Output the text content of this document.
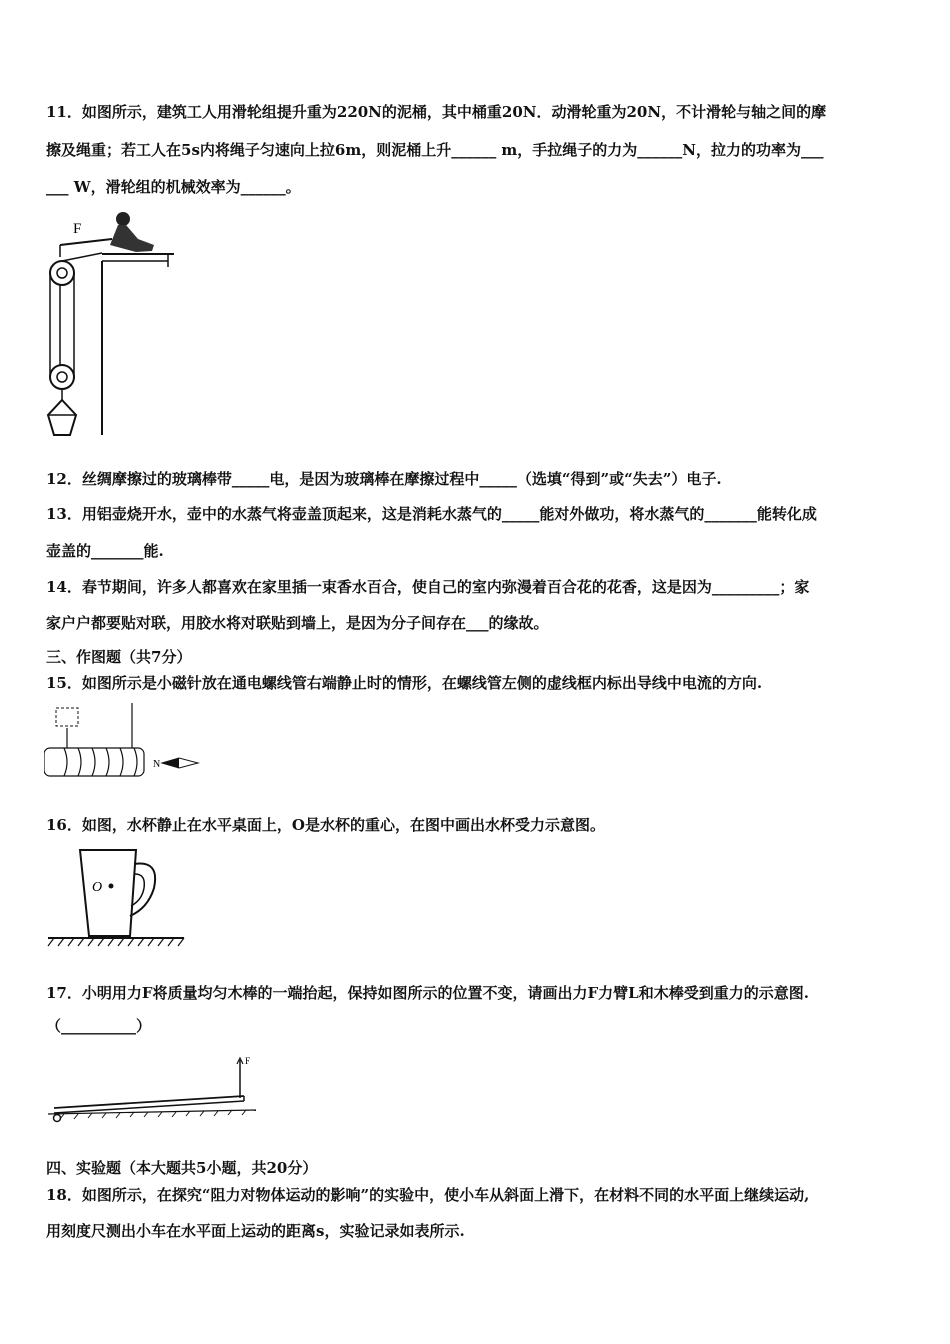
11．如图所示，建筑工人用滑轮组提升重为220N的泥桶，其中桶重20N．动滑轮重为20N，不计滑轮与轴之间的摩
擦及绳重；若工人在5s内将绳子匀速向上拉6m，则泥桶上升______ m，手拉绳子的力为______N，拉力的功率为___
___ W，滑轮组的机械效率为______。
F
12．丝绸摩擦过的玻璃棒带_____电，是因为玻璃棒在摩擦过程中_____（选填“得到”或“失去”）电子.
13．用铝壶烧开水，壶中的水蒸气将壶盖顶起来，这是消耗水蒸气的_____能对外做功，将水蒸气的_______能转化成
壶盖的_______能.
14．春节期间，许多人都喜欢在家里插一束香水百合，使自己的室内弥漫着百合花的花香，这是因为_________；家
家户户都要贴对联，用胶水将对联贴到墙上，是因为分子间存在___的缘故。
三、作图题（共7分）
15．如图所示是小磁针放在通电螺线管右端静止时的情形，在螺线管左侧的虚线框内标出导线中电流的方向.
N
16．如图，水杯静止在水平桌面上，O是水杯的重心，在图中画出水杯受力示意图。
O
17．小明用力F将质量均匀木棒的一端抬起，保持如图所示的位置不变，请画出力F力臂L和木棒受到重力的示意图.
（__________）
F
四、实验题（本大题共5小题，共20分）
18．如图所示，在探究“阻力对物体运动的影响”的实验中，使小车从斜面上滑下，在材料不同的水平面上继续运动,
用刻度尺测出小车在水平面上运动的距离s，实验记录如表所示.
